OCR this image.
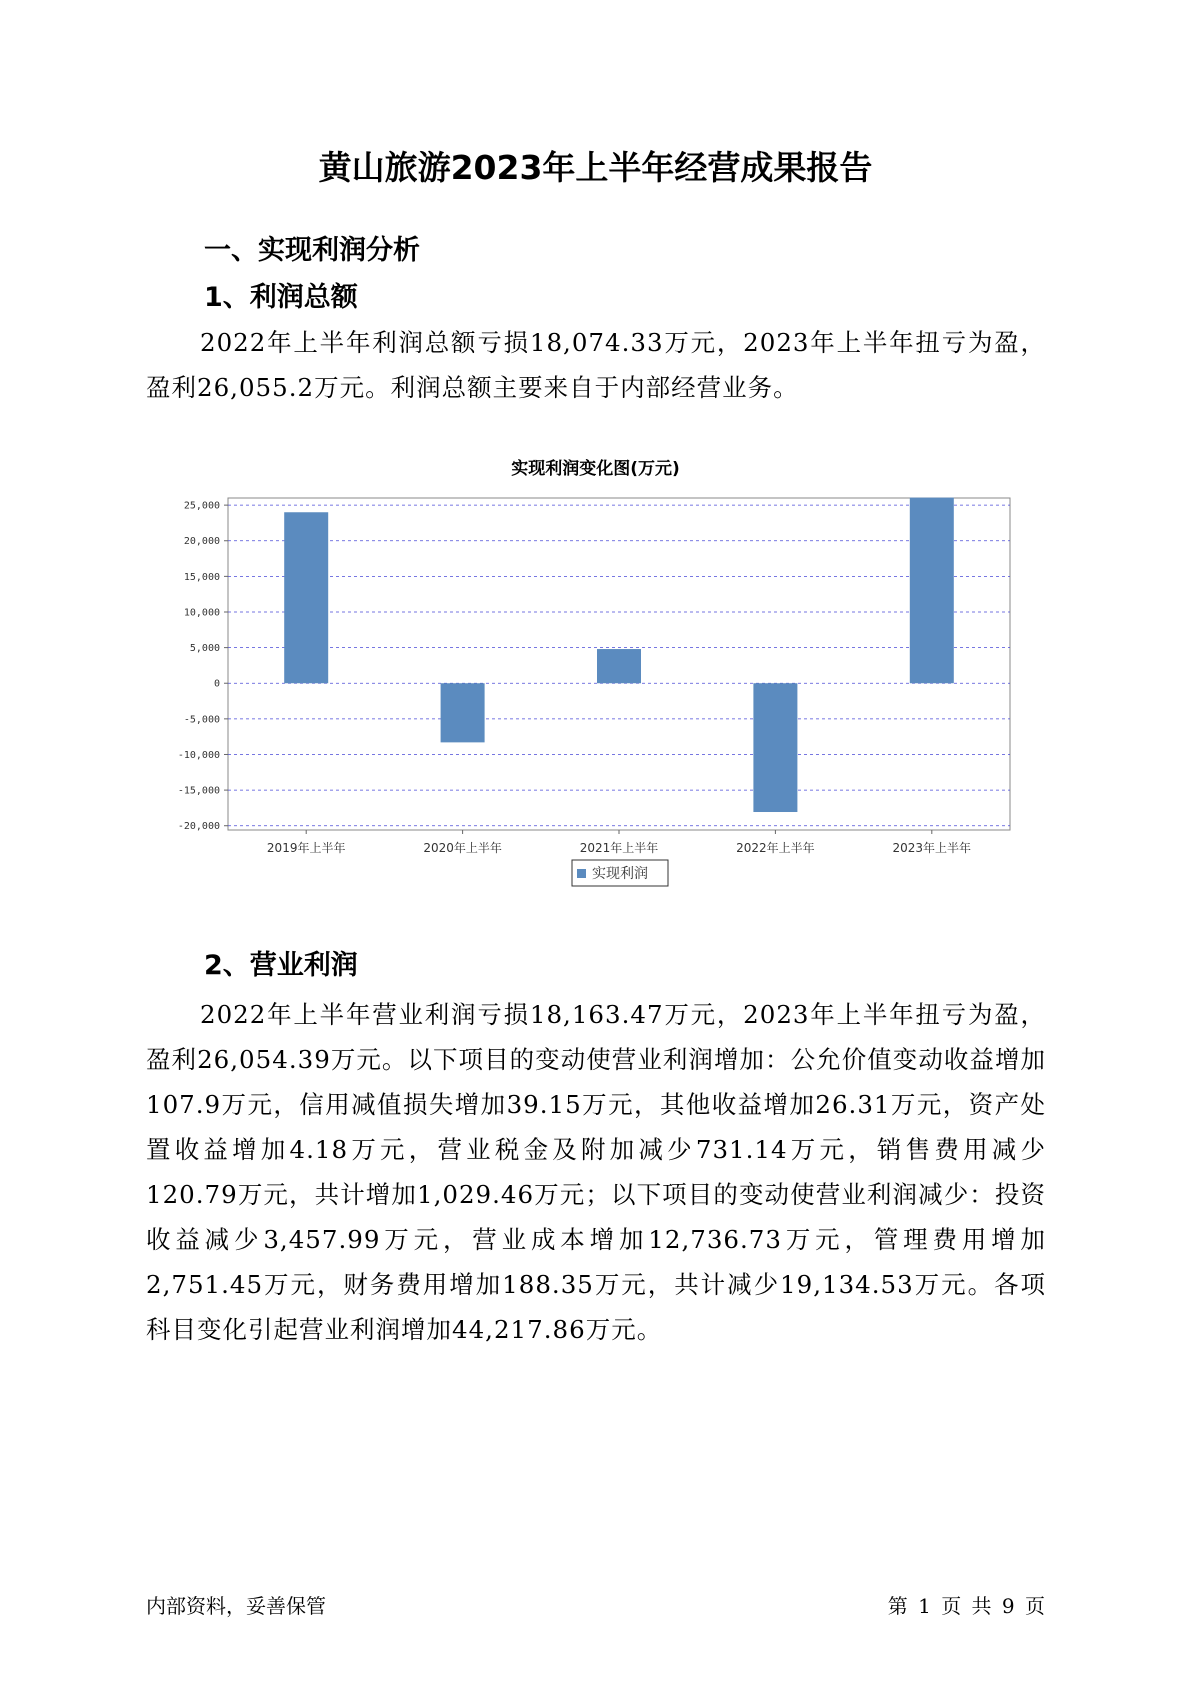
黄山旅游2023年上半年经营成果报告
一、实现利润分析
1、利润总额
2022年上半年利润总额亏损18,074.33万元，2023年上半年扭亏为盈，盈利26,055.2万元。利润总额主要来自于内部经营业务。
实现利润变化图(万元)
25,000
20,000
15,000
10,000
5,000
0
-5,000
-10,000
-15,000
-20,000
2019年上半年	2020年上半年	2021年上半年	2022年上半年	2023年上半年
实现利润
2、营业利润
2022年上半年营业利润亏损18,163.47万元，2023年上半年扭亏为盈，盈利26,054.39万元。以下项目的变动使营业利润增加：公允价值变动收益增加107.9万元，信用减值损失增加39.15万元，其他收益增加26.31万元，资产处置收益增加4.18万元，营业税金及附加减少731.14万元，销售费用减少120.79万元，共计增加1,029.46万元；以下项目的变动使营业利润减少：投资收益减少3,457.99万元，营业成本增加12,736.73万元，管理费用增加2,751.45万元，财务费用增加188.35万元，共计减少19,134.53万元。各项科目变化引起营业利润增加44,217.86万元。
内部资料，妥善保管	第 1 页 共 9 页
